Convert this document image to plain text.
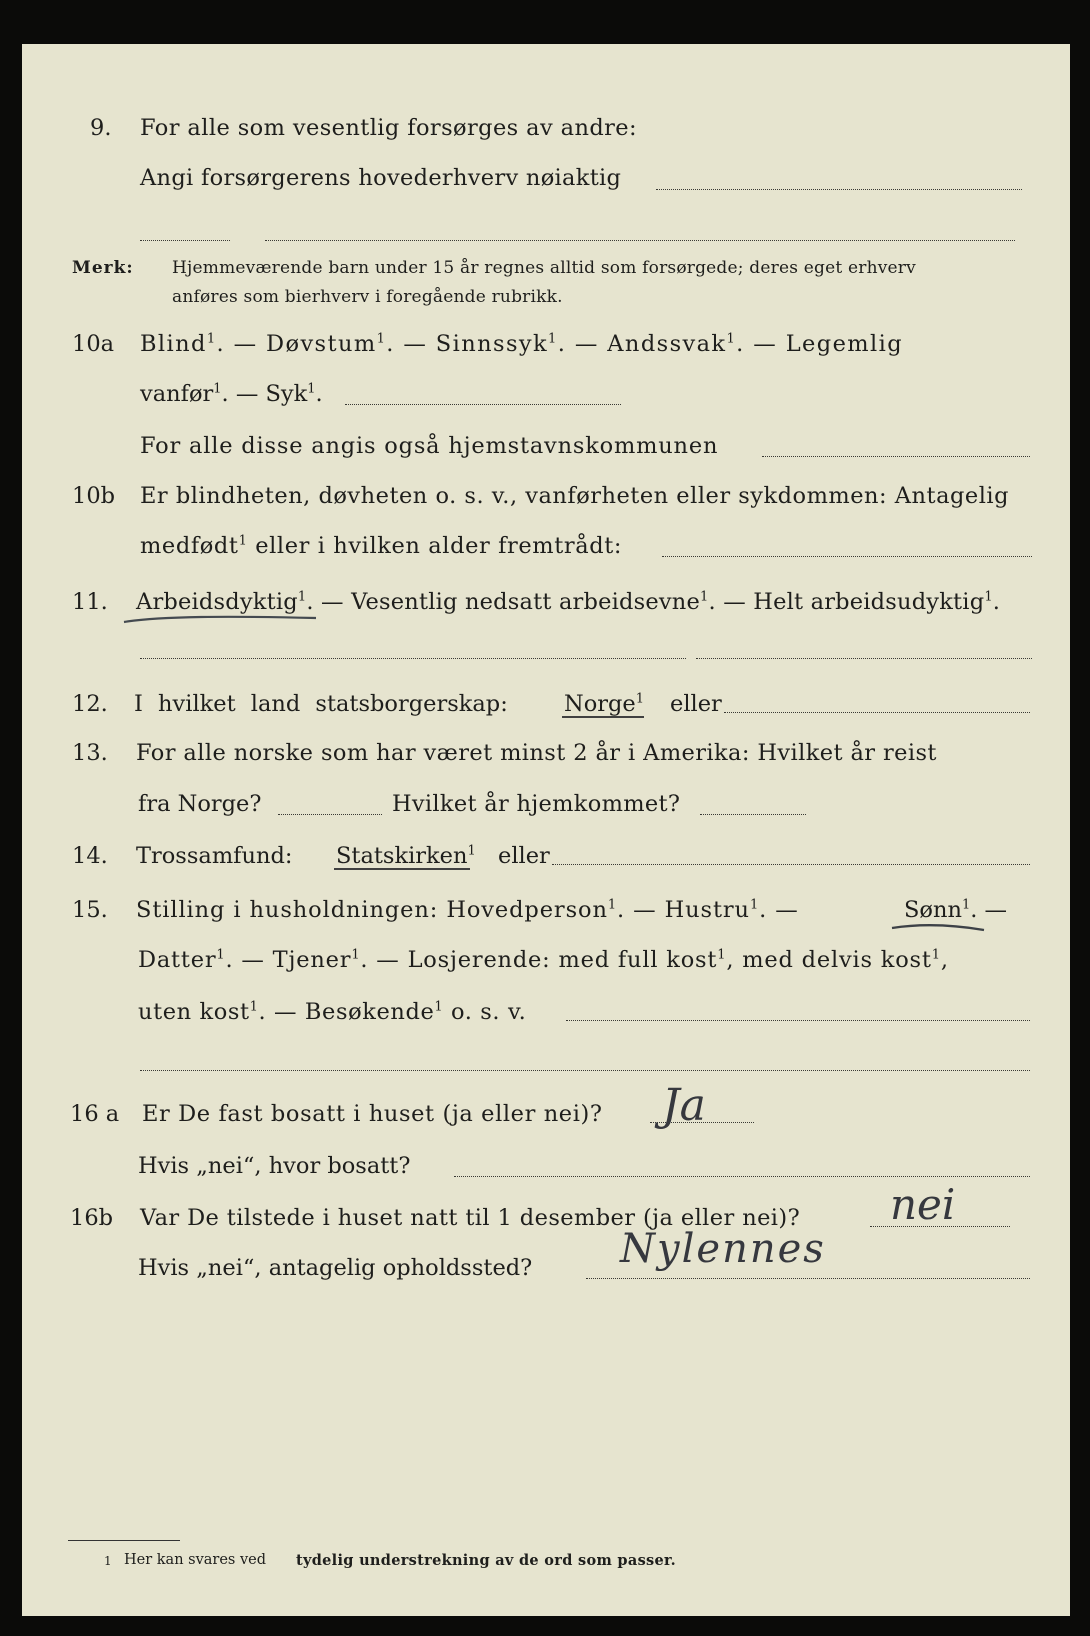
9. For alle som vesentlig forsørges av andre:
Angi forsørgerens hovederhverv nøiaktig
Merk: Hjemmeværende barn under 15 år regnes alltid som forsørgede; deres eget erhverv
anføres som bierhverv i foregående rubrikk.
10a Blind$^1$. — Døvstum$^1$. — Sinnssyk$^1$. — Andssvak$^1$. — Legemlig
vanfør$^1$. — Syk$^1$.
For alle disse angis også hjemstavnskommunen
10b Er blindheten, døvheten o. s. v., vanførheten eller sykdommen: Antagelig
medfødt$^1$ eller i hvilken alder fremtrådt:
11. Arbeidsdyktig$^1$. — Vesentlig nedsatt arbeidsevne$^1$. — Helt arbeidsudyktig$^1$.
12. I hvilket land statsborgerskap: Norge$^1$ eller
13. For alle norske som har været minst 2 år i Amerika: Hvilket år reist
fra Norge?	Hvilket år hjemkommet?
14. Trossamfund: Statskirken$^1$ eller
15. Stilling i husholdningen: Hovedperson$^1$. — Hustru$^1$. —	Sønn$^1$. —
Datter$^1$. — Tjener$^1$. — Losjerende: med full kost$^1$, med delvis kost$^1$,
uten kost$^1$. — Besøkende$^1$ o. s. v.
16 a Er De fast bosatt i huset (ja eller nei)? Ja
Hvis „nei“, hvor bosatt?
16b Var De tilstede i huset natt til 1 desember (ja eller nei)? nei
Hvis „nei“, antagelig opholdssted? Nylennes
1 Her kan svares ved tydelig understrekning av de ord som passer.
